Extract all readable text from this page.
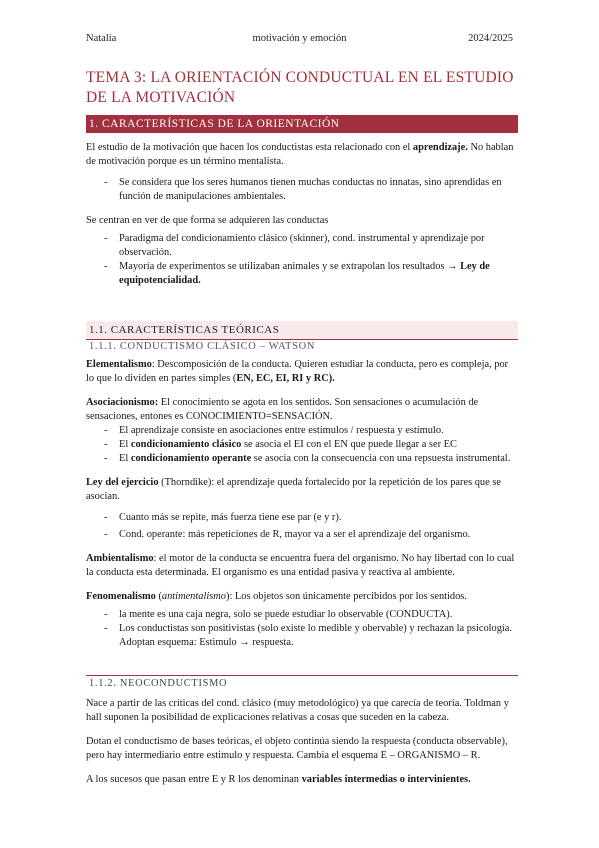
Natalia	motivación y emoción	2024/2025
TEMA 3: LA ORIENTACIÓN CONDUCTUAL EN EL ESTUDIO
DE LA MOTIVACIÓN
1. CARACTERÍSTICAS DE LA ORIENTACIÓN

El estudio de la motivación que hacen los conductistas esta relacionado con el aprendizaje. No hablan de motivación porque es un término mentalista.

- Se considera que los seres humanos tienen muchas conductas no innatas, sino aprendidas en función de manipulaciones ambientales.

Se centran en ver de que forma se adquieren las conductas

- Paradigma del condicionamiento clásico (skinner), cond. instrumental y aprendizaje por observación.
- Mayoría de experimentos se utilizaban animales y se extrapolan los resultados → Ley de equipotencialidad.
1.1. CARACTERÍSTICAS TEÓRICAS
1.1.1. CONDUCTISMO CLÁSICO – WATSON

Elementalismo: Descomposición de la conducta. Quieren estudiar la conducta, pero es compleja, por lo que lo dividen en partes simples (EN, EC, EI, RI y RC).

Asociacionismo: El conocimiento se agota en los sentidos. Son sensaciones o acumulación de sensaciones, entones es CONOCIMIENTO=SENSACIÓN.

- El aprendizaje consiste en asociaciones entre estímulos / respuesta y estímulo.
- El condicionamiento clásico se asocia el EI con el EN que puede llegar a ser EC
- El condicionamiento operante se asocia con la consecuencia con una repsuesta instrumental.

Ley del ejercicio (Thorndike): el aprendizaje queda fortalecido por la repetición de los pares que se asocian.

- Cuanto más se repite, más fuerza tiene ese par (e y r).
- Cond. operante: más repeticiones de R, mayor va a ser el aprendizaje del organismo.

Ambientalismo: el motor de la conducta se encuentra fuera del organismo. No hay libertad con lo cual la conducta esta determinada. El organismo es una entidad pasiva y reactiva al ambiente.

Fenomenalismo (antimentalismo): Los objetos son únicamente percibidos por los sentidos.

- la mente es una caja negra, solo se puede estudiar lo observable (CONDUCTA).
- Los conductistas son positivistas (solo existe lo medible y obervable) y rechazan la psicología. Adoptan esquema: Estimulo → respuesta.
1.1.2. NEOCONDUCTISMO

Nace a partir de las críticas del cond. clásico (muy metodológico) ya que carecía de teoría. Toldman y hall suponen la posibilidad de explicaciones relativas a cosas que suceden en la cabeza.

Dotan el conductismo de bases teóricas, el objeto continúa siendo la respuesta (conducta observable), pero hay intermediario entre estimulo y respuesta. Cambia el esquema E – ORGANISMO – R.

A los sucesos que pasan entre E y R los denominan variables intermedias o intervinientes.
